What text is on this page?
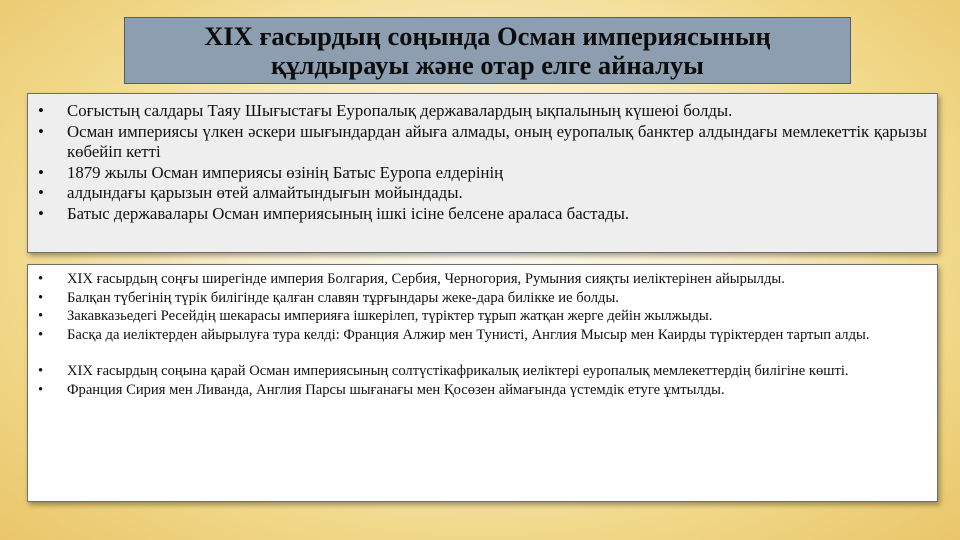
XIX ғасырдың соңында Осман империясының
құлдырауы және отар елге айналуы
• Соғыстың салдары Таяу Шығыстағы Еуропалық державалардың ықпалының күшеюі болды.
• Осман империясы үлкен әскери шығындардан айыға алмады, оның еуропалық банктер алдындағы мемлекеттік қарызы көбейіп кетті
• 1879 жылы Осман империясы өзінің Батыс Еуропа елдерінің
• алдындағы қарызын өтей алмайтындығын мойындады.
• Батыс державалары Осман империясының ішкі ісіне белсене араласа бастады.
• XIX ғасырдың соңғы ширегінде империя Болгария, Сербия, Черногория, Румыния сияқты иеліктерінен айырылды.
• Балқан түбегінің түрік билігінде қалған славян тұрғындары жеке-дара билікке ие болды.
• Закавказьедегі Ресейдің шекарасы империяға ішкерілеп, түріктер тұрып жатқан жерге дейін жылжыды.
• Басқа да иеліктерден айырылуға тура келді: Франция Алжир мен Тунисті, Англия Мысыр мен Каирды түріктерден тартып алды.
• XIX ғасырдың соңына қарай Осман империясының солтүстікафрикалық иеліктері еуропалық мемлекеттердің билігіне көшті.
• Франция Сирия мен Ливанда, Англия Парсы шығанағы мен Қосөзен аймағында үстемдік етуге ұмтылды.
